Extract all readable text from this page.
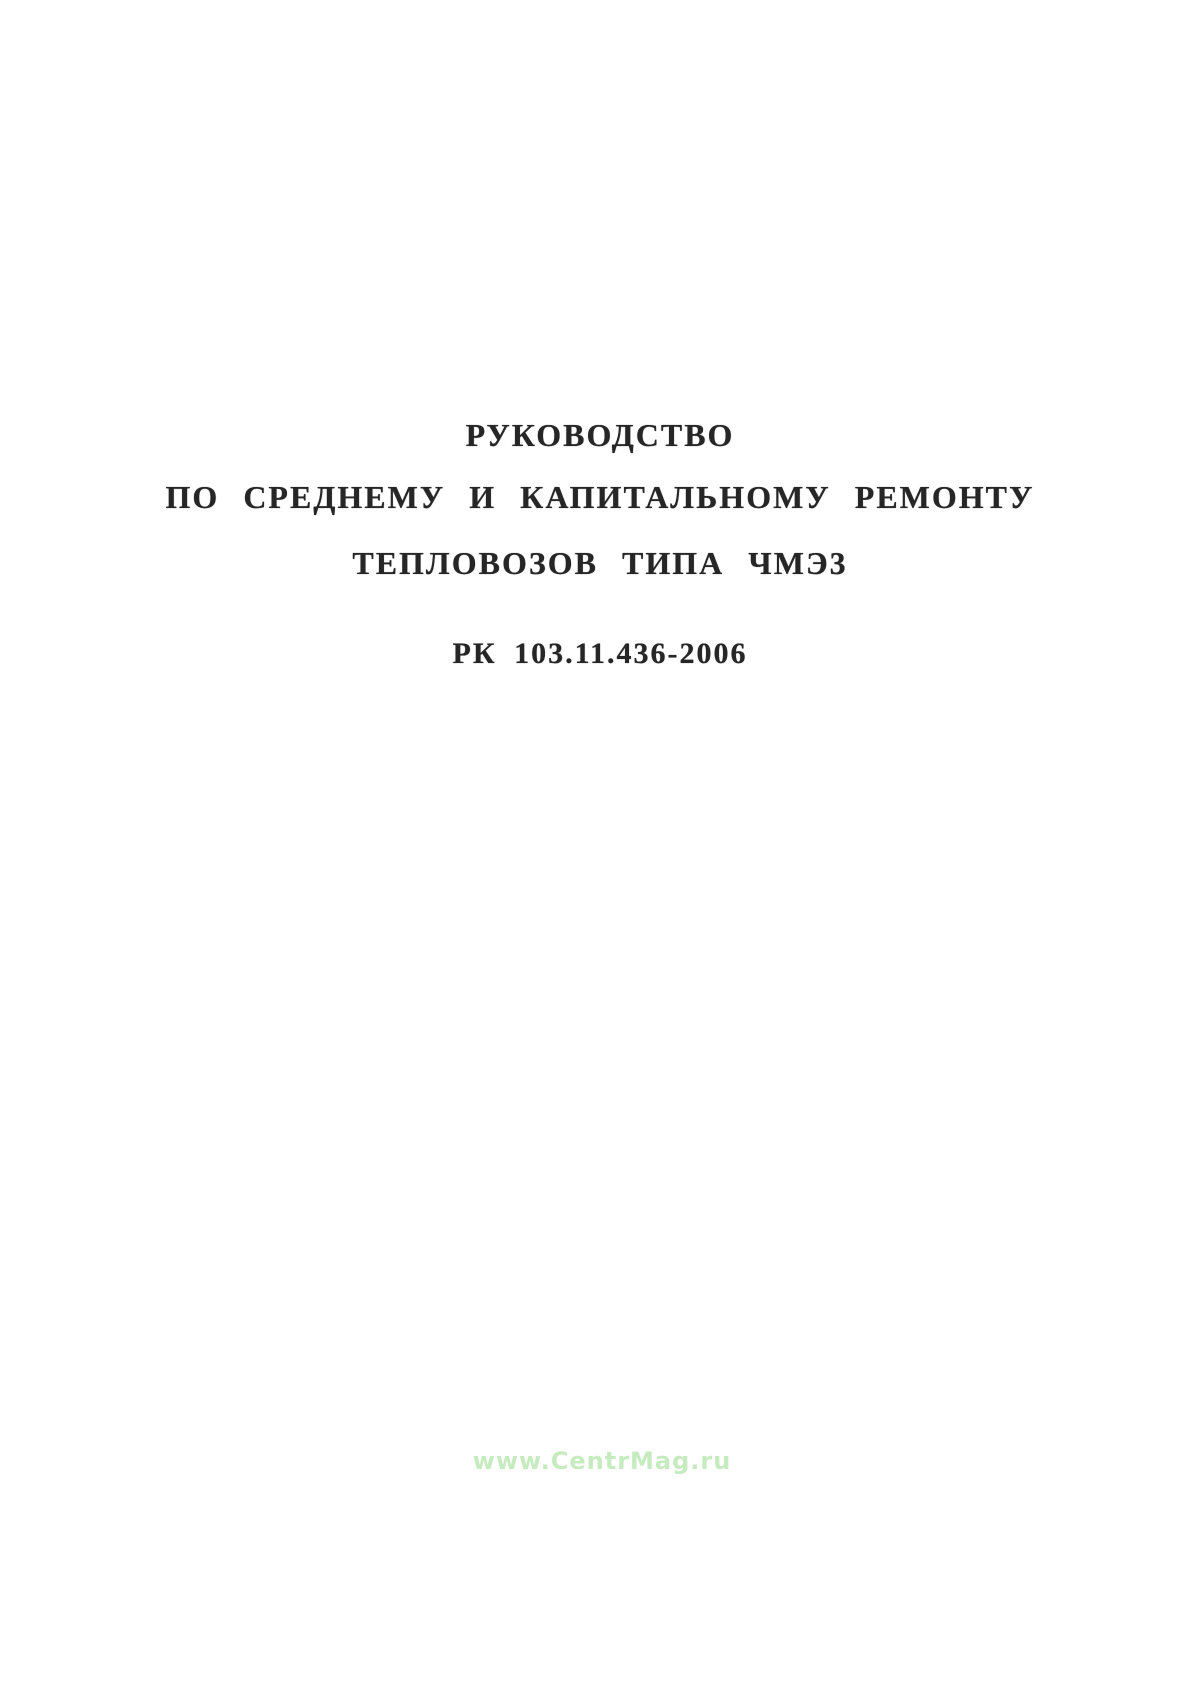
РУКОВОДСТВО
ПО СРЕДНЕМУ И КАПИТАЛЬНОМУ РЕМОНТУ
ТЕПЛОВОЗОВ ТИПА ЧМЭ3
РК 103.11.436-2006
www.CentrMag.ru
